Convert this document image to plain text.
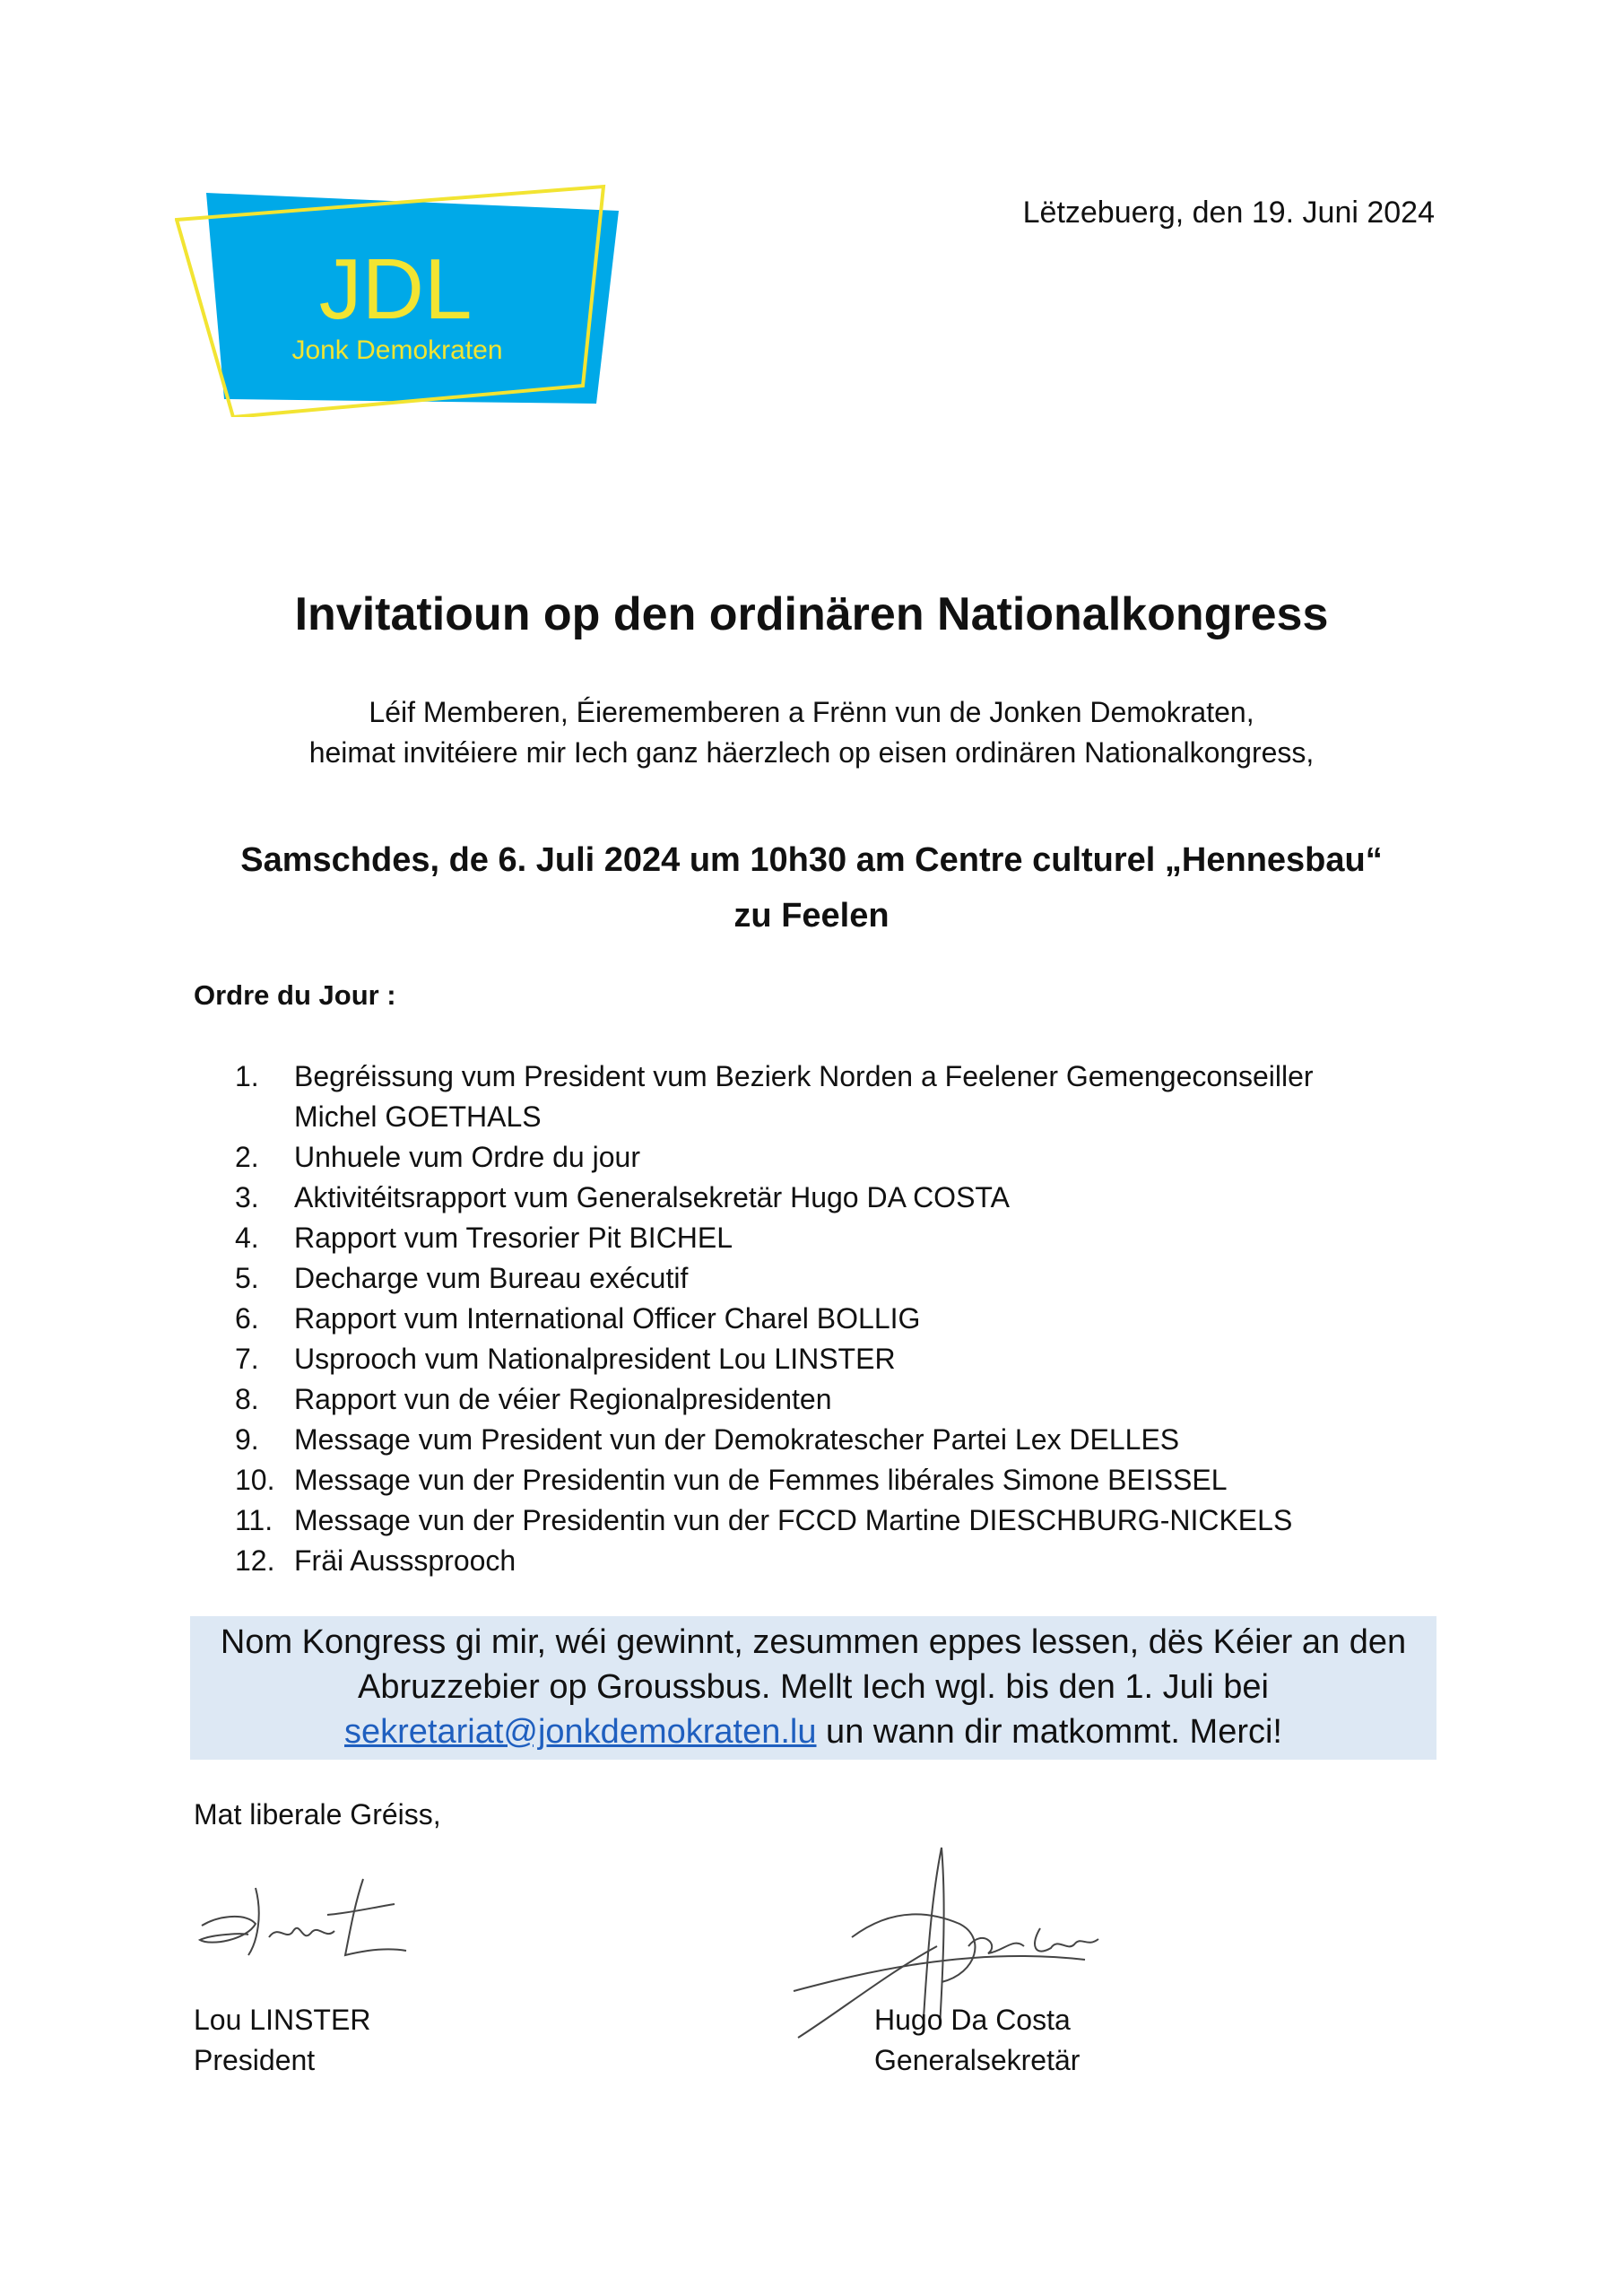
JDL
Jonk Demokraten
Lëtzebuerg, den 19. Juni 2024
Invitatioun op den ordinären Nationalkongress
Léif Memberen, Éierememberen a Frënn vun de Jonken Demokraten,
heimat invitéiere mir Iech ganz häerzlech op eisen ordinären Nationalkongress,
Samschdes, de 6. Juli 2024 um 10h30 am Centre culturel „Hennesbau“ zu Feelen
Ordre du Jour :
1. Begréissung vum President vum Bezierk Norden a Feelener Gemengeconseiller Michel GOETHALS
2. Unhuele vum Ordre du jour
3. Aktivitéitsrapport vum Generalsekretär Hugo DA COSTA
4. Rapport vum Tresorier Pit BICHEL
5. Decharge vum Bureau exécutif
6. Rapport vum International Officer Charel BOLLIG
7. Usprooch vum Nationalpresident Lou LINSTER
8. Rapport vun de véier Regionalpresidenten
9. Message vum President vun der Demokratescher Partei Lex DELLES
10. Message vun der Presidentin vun de Femmes libérales Simone BEISSEL
11. Message vun der Presidentin vun der FCCD Martine DIESCHBURG-NICKELS
12. Fräi Ausssprooch
Nom Kongress gi mir, wéi gewinnt, zesummen eppes lessen, dës Kéier an den
Abruzzebier op Groussbus. Mellt Iech wgl. bis den 1. Juli bei
sekretariat@jonkdemokraten.lu un wann dir matkommt. Merci!
Mat liberale Gréiss,
Lou LINSTER
President
Hugo Da Costa
Generalsekretär
